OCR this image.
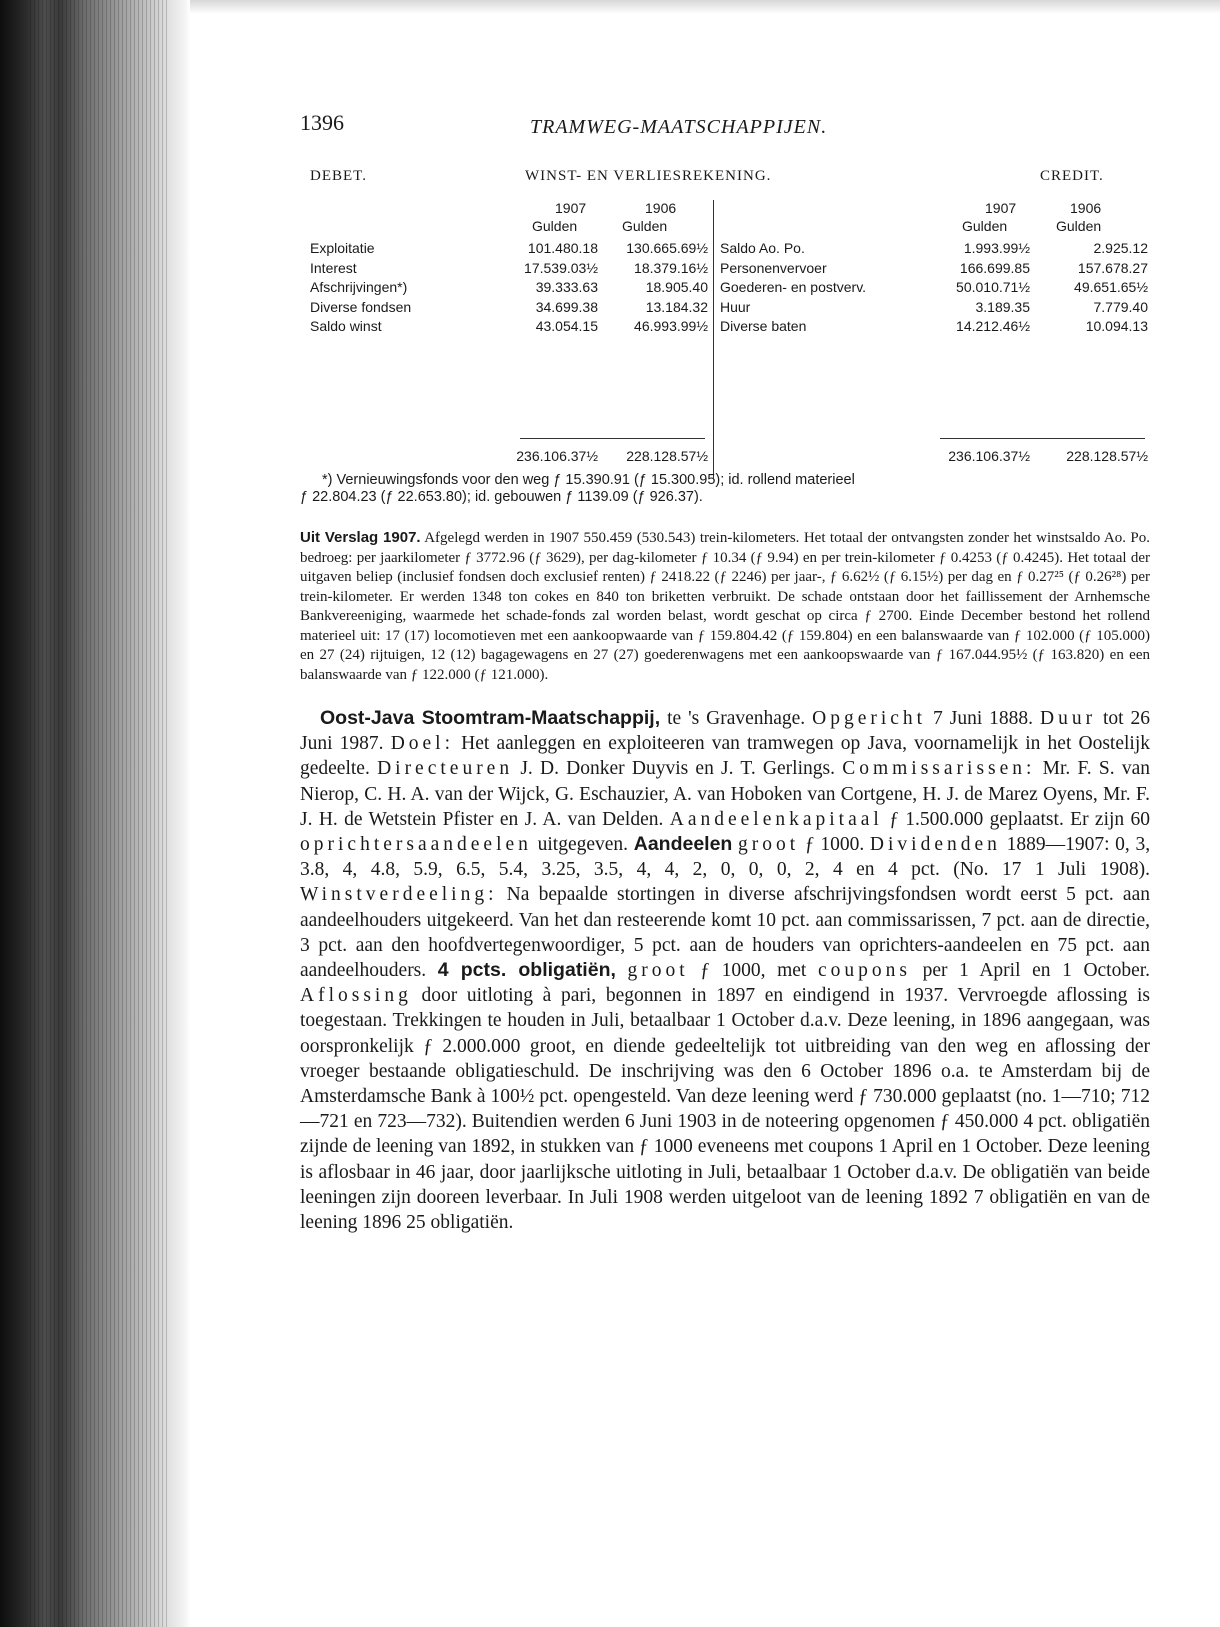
1396	TRAMWEG-MAATSCHAPPIJEN.
DEBET.	WINST- EN VERLIESREKENING.	CREDIT.
1907	1906	1907	1906
Gulden	Gulden	Gulden	Gulden
Exploitatie	101.480.18	130.665.69½ Saldo Ao. Po.	1.993.99½	2.925.12
Interest	17.539.03½	18.379.16½ Personenvervoer	166.699.85	157.678.27
Afschrijvingen*)	39.333.63	18.905.40 Goederen- en postverv.	50.010.71½	49.651.65½
Diverse fondsen	34.699.38	13.184.32 Huur	3.189.35	7.779.40
Saldo winst	43.054.15	46.993.99½ Diverse baten	14.212.46½	10.094.13
236.106.37½	228.128.57½	236.106.37½	228.128.57½
*) Vernieuwingsfonds voor den weg ƒ 15.390.91 (ƒ 15.300.95); id. rollend materieel
ƒ 22.804.23 (ƒ 22.653.80); id. gebouwen ƒ 1139.09 (ƒ 926.37).
Uit Verslag 1907. Afgelegd werden in 1907 550.459 (530.543) trein-kilometers. Het totaal der ontvangsten zonder het winstsaldo Ao. Po. bedroeg: per jaarkilometer ƒ 3772.96 (ƒ 3629), per dag-kilometer ƒ 10.34 (ƒ 9.94) en per trein-kilometer ƒ 0.4253 (ƒ 0.4245). Het totaal der uitgaven beliep (inclusief fondsen doch exclusief renten) ƒ 2418.22 (ƒ 2246) per jaar-, ƒ 6.62½ (ƒ 6.15½) per dag en ƒ 0.27²⁵ (ƒ 0.26²⁸) per trein-kilometer. Er werden 1348 ton cokes en 840 ton briketten verbruikt. De schade ontstaan door het faillissement der Arnhemsche Bankvereeniging, waarmede het schade-fonds zal worden belast, wordt geschat op circa ƒ 2700. Einde December bestond het rollend materieel uit: 17 (17) locomotieven met een aankoopwaarde van ƒ 159.804.42 (ƒ 159.804) en een balanswaarde van ƒ 102.000 (ƒ 105.000) en 27 (24) rijtuigen, 12 (12) bagagewagens en 27 (27) goederenwagens met een aankoopswaarde van ƒ 167.044.95½ (ƒ 163.820) en een balanswaarde van ƒ 122.000 (ƒ 121.000).
Oost-Java Stoomtram-Maatschappij, te 's Gravenhage. Opgericht 7 Juni 1888. Duur tot 26 Juni 1987. Doel: Het aanleggen en exploiteeren van tramwegen op Java, voornamelijk in het Oostelijk gedeelte. Directeuren J. D. Donker Duyvis en J. T. Gerlings. Commissarissen: Mr. F. S. van Nierop, C. H. A. van der Wijck, G. Eschauzier, A. van Hoboken van Cortgene, H. J. de Marez Oyens, Mr. F. J. H. de Wetstein Pfister en J. A. van Delden. Aandeelenkapitaal ƒ 1.500.000 geplaatst. Er zijn 60 oprichtersaandeelen uitgegeven. Aandeelen groot ƒ 1000. Dividenden 1889—1907: 0, 3, 3.8, 4, 4.8, 5.9, 6.5, 5.4, 3.25, 3.5, 4, 4, 2, 0, 0, 0, 2, 4 en 4 pct. (No. 17 1 Juli 1908). Winstverdeeling: Na bepaalde stortingen in diverse afschrijvingsfondsen wordt eerst 5 pct. aan aandeelhouders uitgekeerd. Van het dan resteerende komt 10 pct. aan commissarissen, 7 pct. aan de directie, 3 pct. aan den hoofdvertegenwoordiger, 5 pct. aan de houders van oprichters-aandeelen en 75 pct. aan aandeelhouders. 4 pcts. obligatiën, groot ƒ 1000, met coupons per 1 April en 1 October. Aflossing door uitloting à pari, begonnen in 1897 en eindigend in 1937. Vervroegde aflossing is toegestaan. Trekkingen te houden in Juli, betaalbaar 1 October d.a.v. Deze leening, in 1896 aangegaan, was oorspronkelijk ƒ 2.000.000 groot, en diende gedeeltelijk tot uitbreiding van den weg en aflossing der vroeger bestaande obligatieschuld. De inschrijving was den 6 October 1896 o.a. te Amsterdam bij de Amsterdamsche Bank à 100½ pct. opengesteld. Van deze leening werd ƒ 730.000 geplaatst (no. 1—710; 712 —721 en 723—732). Buitendien werden 6 Juni 1903 in de noteering opgenomen ƒ 450.000 4 pct. obligatiën zijnde de leening van 1892, in stukken van ƒ 1000 eveneens met coupons 1 April en 1 October. Deze leening is aflosbaar in 46 jaar, door jaarlijksche uitloting in Juli, betaalbaar 1 October d.a.v. De obligatiën van beide leeningen zijn dooreen leverbaar. In Juli 1908 werden uitgeloot van de leening 1892 7 obligatiën en van de leening 1896 25 obligatiën.
